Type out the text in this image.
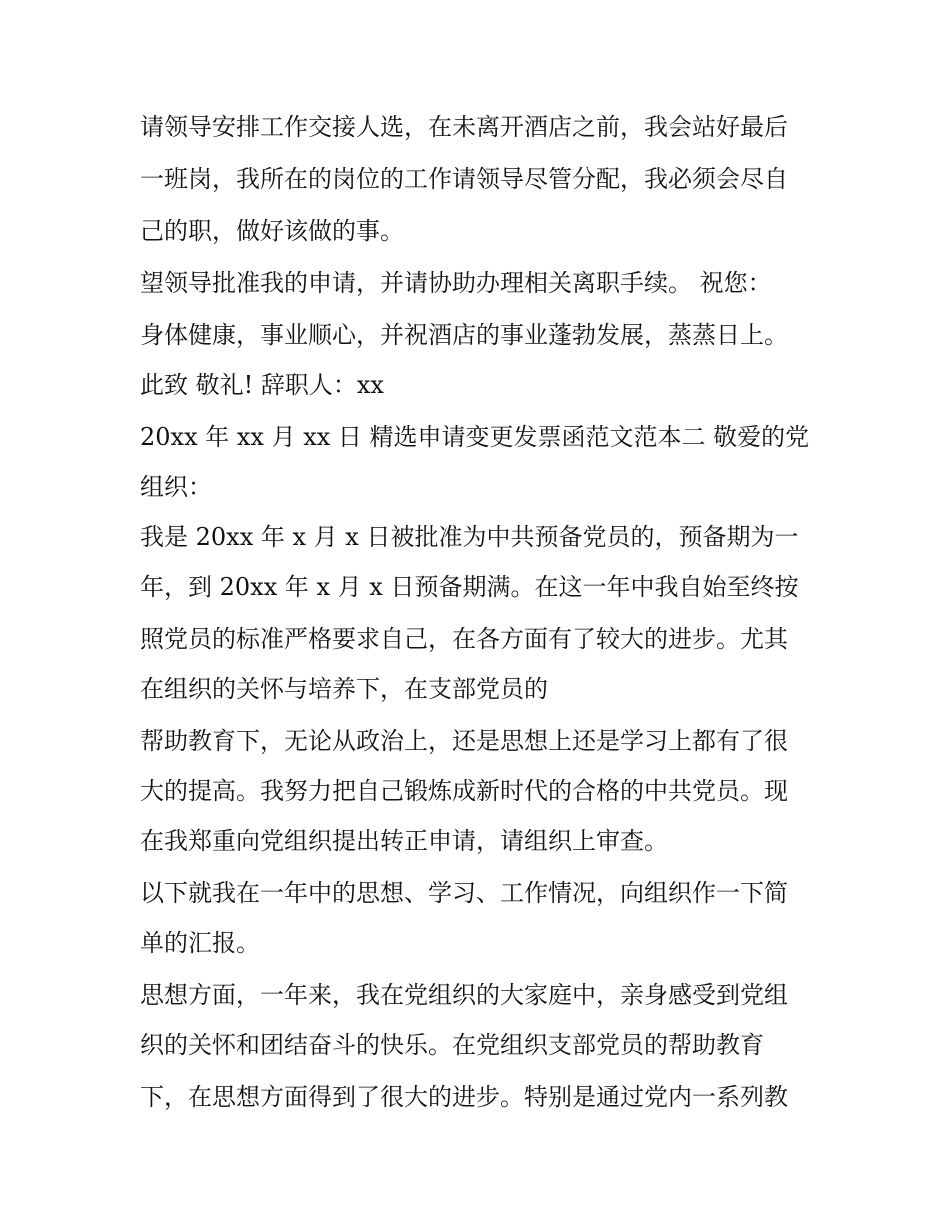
请领导安排工作交接人选，在未离开酒店之前，我会站好最后
一班岗，我所在的岗位的工作请领导尽管分配，我必须会尽自
己的职，做好该做的事。
望领导批准我的申请，并请协助办理相关离职手续。 祝您：
身体健康，事业顺心，并祝酒店的事业蓬勃发展，蒸蒸日上。
此致 敬礼! 辞职人：xx
20xx 年 xx 月 xx 日 精选申请变更发票函范文范本二 敬爱的党
组织：
我是 20xx 年 x 月 x 日被批准为中共预备党员的，预备期为一
年，到 20xx 年 x 月 x 日预备期满。在这一年中我自始至终按
照党员的标准严格要求自己，在各方面有了较大的进步。尤其
在组织的关怀与培养下，在支部党员的
帮助教育下，无论从政治上，还是思想上还是学习上都有了很
大的提高。我努力把自己锻炼成新时代的合格的中共党员。现
在我郑重向党组织提出转正申请，请组织上审查。
以下就我在一年中的思想、学习、工作情况，向组织作一下简
单的汇报。
思想方面，一年来，我在党组织的大家庭中，亲身感受到党组
织的关怀和团结奋斗的快乐。在党组织支部党员的帮助教育
下，在思想方面得到了很大的进步。特别是通过党内一系列教
